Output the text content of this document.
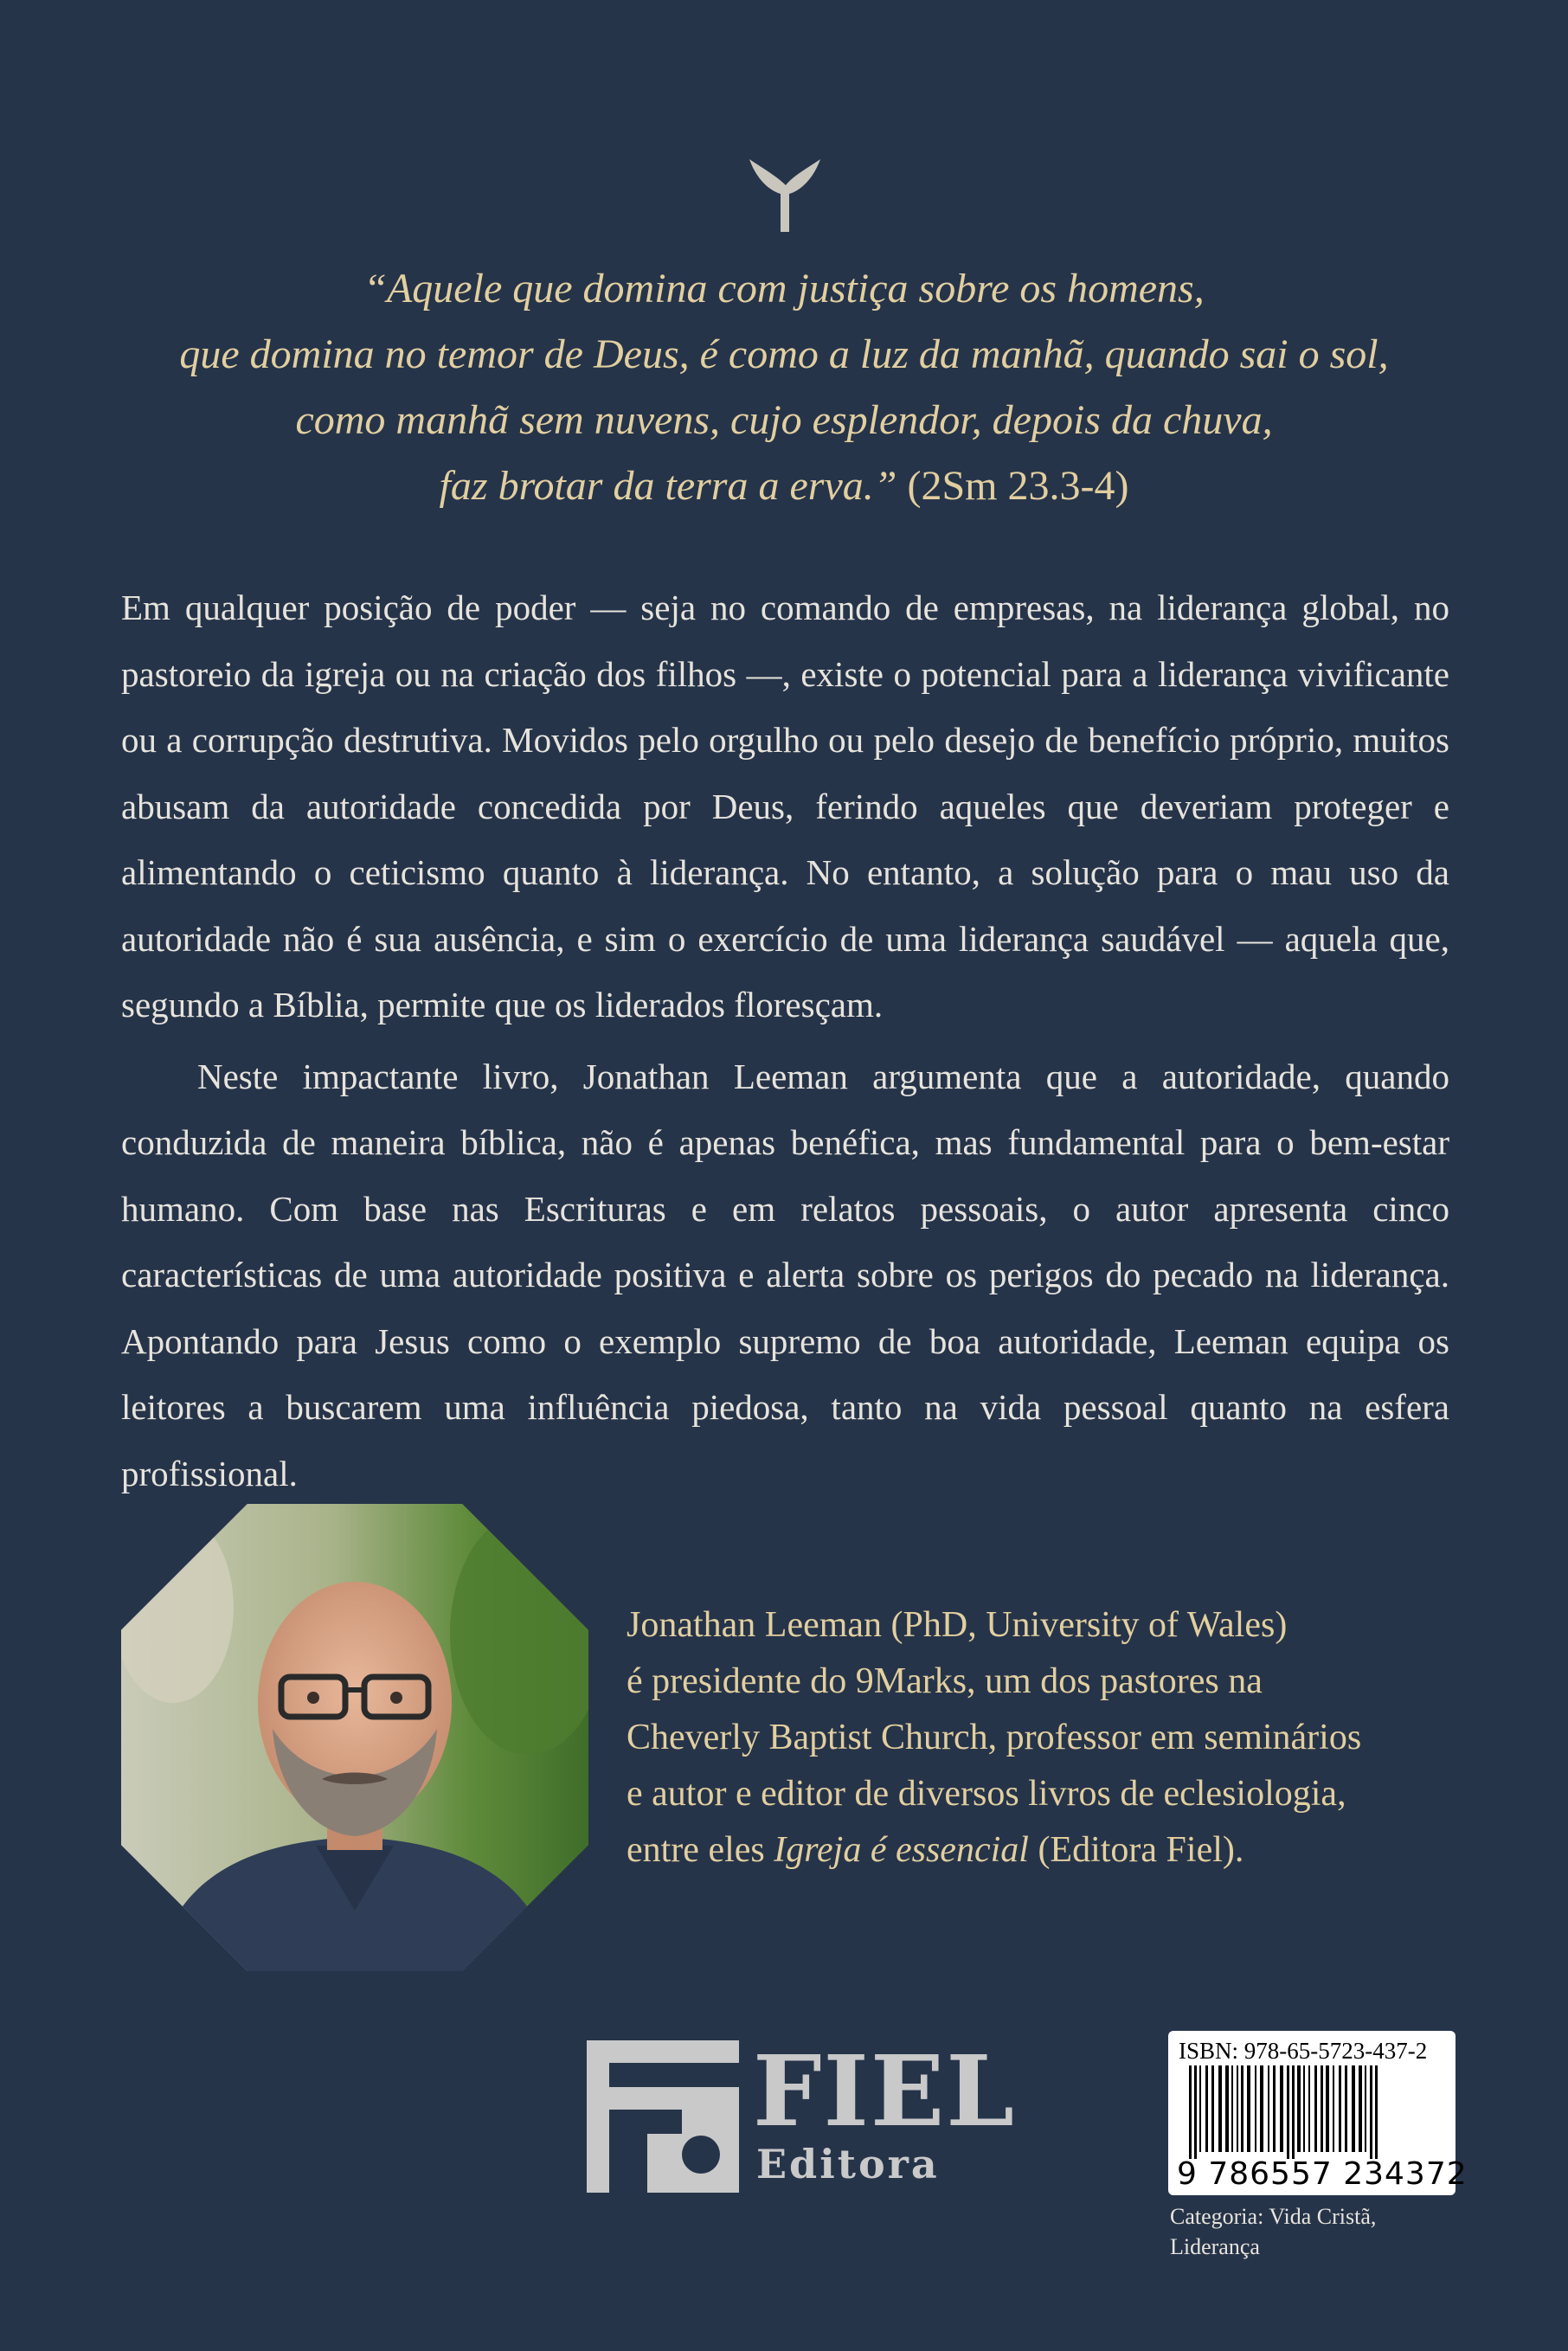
“Aquele que domina com justiça sobre os homens,
que domina no temor de Deus, é como a luz da manhã, quando sai o sol,
como manhã sem nuvens, cujo esplendor, depois da chuva,
faz brotar da terra a erva.” (2Sm 23.3-4)

Em qualquer posição de poder — seja no comando de empresas, na liderança global, no pastoreio da igreja ou na criação dos filhos —, existe o potencial para a liderança vivificante ou a corrupção destrutiva. Movidos pelo orgulho ou pelo desejo de benefício próprio, muitos abusam da autoridade concedida por Deus, ferindo aqueles que deveriam proteger e alimentando o ceticismo quanto à liderança. No entanto, a solução para o mau uso da autoridade não é sua ausência, e sim o exercício de uma liderança saudável — aquela que, segundo a Bíblia, permite que os liderados floresçam.

Neste impactante livro, Jonathan Leeman argumenta que a autoridade, quando conduzida de maneira bíblica, não é apenas benéfica, mas fundamental para o bem-estar humano. Com base nas Escrituras e em relatos pessoais, o autor apresenta cinco características de uma autoridade positiva e alerta sobre os perigos do pecado na liderança. Apontando para Jesus como o exemplo supremo de boa autoridade, Leeman equipa os leitores a buscarem uma influência piedosa, tanto na vida pessoal quanto na esfera profissional.

Jonathan Leeman (PhD, University of Wales)

é presidente do 9Marks, um dos pastores na

Cheverly Baptist Church, professor em seminários

e autor e editor de diversos livros de eclesiologia,

entre eles Igreja é essencial (Editora Fiel).

FIEL
Editora
ISBN: 978-65-5723-437-2
9 786557 234372
Categoria: Vida Cristã,
Liderança
